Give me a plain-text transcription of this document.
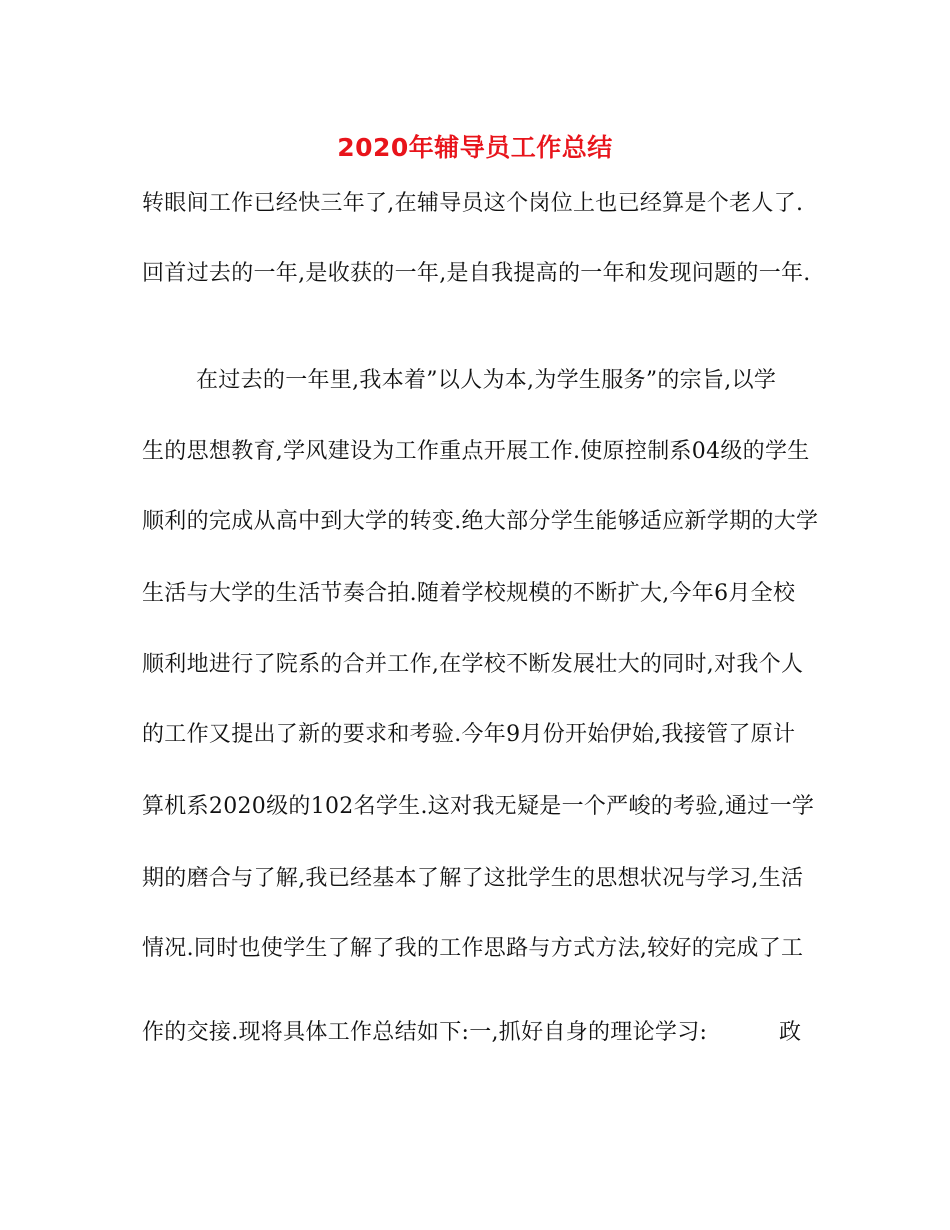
2020年辅导员工作总结
转眼间工作已经快三年了,在辅导员这个岗位上也已经算是个老人了.
回首过去的一年,是收获的一年,是自我提高的一年和发现问题的一年.
在过去的一年里,我本着”以人为本,为学生服务”的宗旨,以学
生的思想教育,学风建设为工作重点开展工作.使原控制系04级的学生
顺利的完成从高中到大学的转变.绝大部分学生能够适应新学期的大学
生活与大学的生活节奏合拍.随着学校规模的不断扩大,今年6月全校
顺利地进行了院系的合并工作,在学校不断发展壮大的同时,对我个人
的工作又提出了新的要求和考验.今年9月份开始伊始,我接管了原计
算机系2020级的102名学生.这对我无疑是一个严峻的考验,通过一学
期的磨合与了解,我已经基本了解了这批学生的思想状况与学习,生活
情况.同时也使学生了解了我的工作思路与方式方法,较好的完成了工
作的交接.现将具体工作总结如下:一,抓好自身的理论学习:	政
